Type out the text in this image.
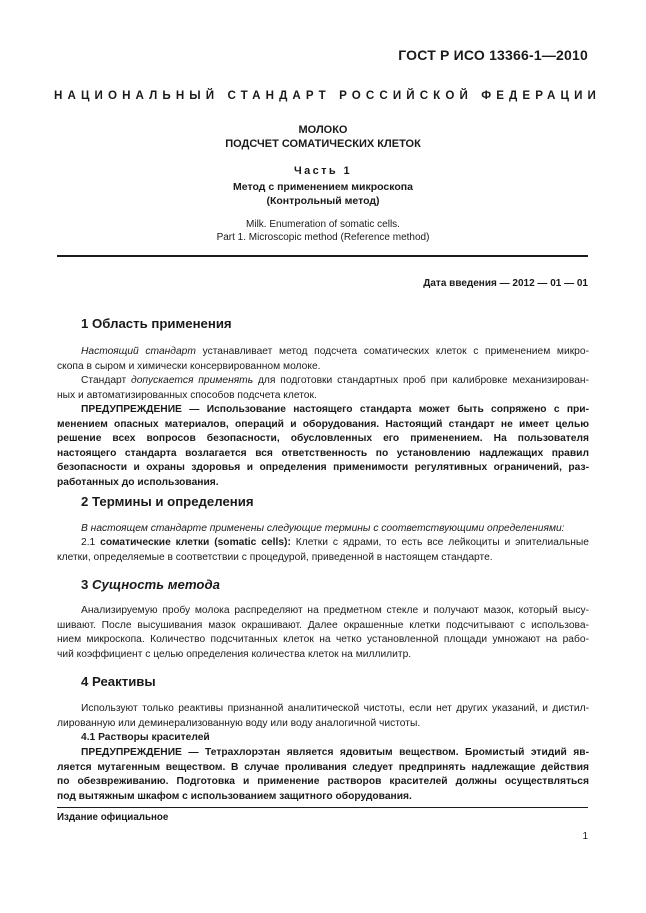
ГОСТ Р ИСО 13366-1—2010
НАЦИОНАЛЬНЫЙ СТАНДАРТ РОССИЙСКОЙ ФЕДЕРАЦИИ
МОЛОКО
ПОДСЧЕТ СОМАТИЧЕСКИХ КЛЕТОК
Часть 1
Метод с применением микроскопа
(Контрольный метод)
Milk. Enumeration of somatic cells.
Part 1. Microscopic method (Reference method)
Дата введения — 2012 — 01 — 01
1 Область применения
Настоящий стандарт устанавливает метод подсчета соматических клеток с применением микро-
скопа в сыром и химически консервированном молоке.
Стандарт допускается применять для подготовки стандартных проб при калибровке механизирован-
ных и автоматизированных способов подсчета клеток.
ПРЕДУПРЕЖДЕНИЕ — Использование настоящего стандарта может быть сопряжено с при-
менением опасных материалов, операций и оборудования. Настоящий стандарт не имеет целью
решение всех вопросов безопасности, обусловленных его применением. На пользователя
настоящего стандарта возлагается вся ответственность по установлению надлежащих правил
безопасности и охраны здоровья и определения применимости регулятивных ограничений, раз-
работанных до использования.
2 Термины и определения
В настоящем стандарте применены следующие термины с соответствующими определениями:
2.1 соматические клетки (somatic cells): Клетки с ядрами, то есть все лейкоциты и эпителиальные
клетки, определяемые в соответствии с процедурой, приведенной в настоящем стандарте.
3 Сущность метода
Анализируемую пробу молока распределяют на предметном стекле и получают мазок, который высу-
шивают. После высушивания мазок окрашивают. Далее окрашенные клетки подсчитывают с использова-
нием микроскопа. Количество подсчитанных клеток на четко установленной площади умножают на рабо-
чий коэффициент с целью определения количества клеток на миллилитр.
4 Реактивы
Используют только реактивы признанной аналитической чистоты, если нет других указаний, и дистил-
лированную или деминерализованную воду или воду аналогичной чистоты.
4.1 Растворы красителей
ПРЕДУПРЕЖДЕНИЕ — Тетрахлорэтан является ядовитым веществом. Бромистый этидий яв-
ляется мутагенным веществом. В случае проливания следует предпринять надлежащие действия
по обезвреживанию. Подготовка и применение растворов красителей должны осуществляться
под вытяжным шкафом с использованием защитного оборудования.
Издание официальное
1
